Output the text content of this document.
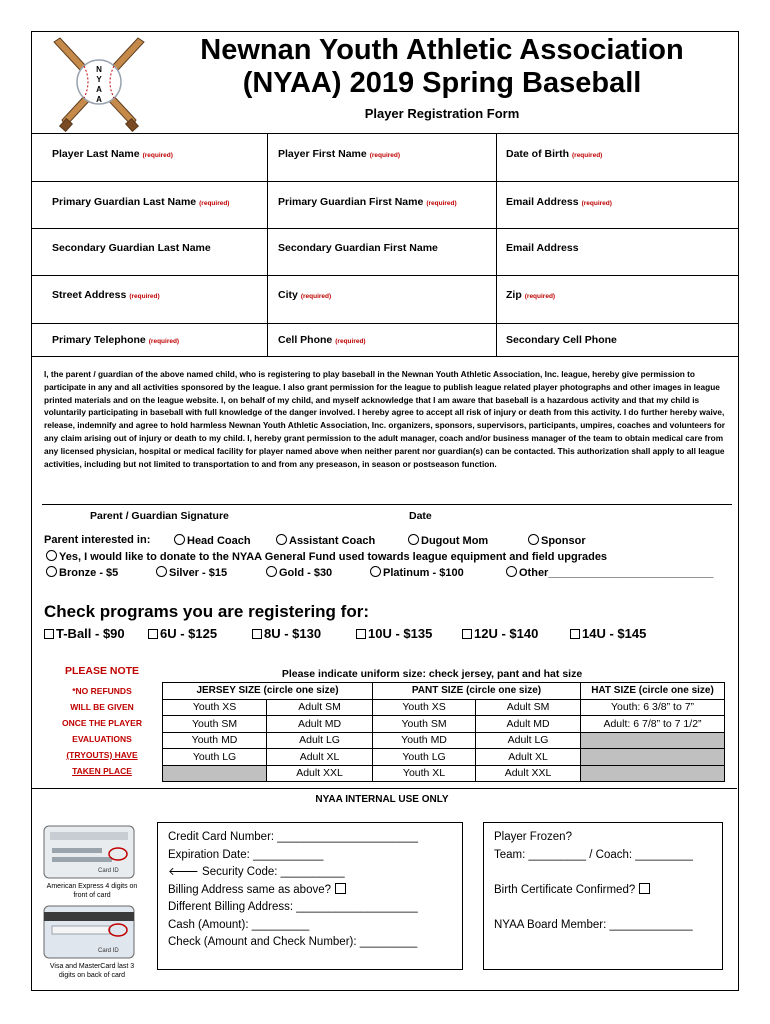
N
Y
A
A
Newnan Youth Athletic Association
(NYAA) 2019 Spring Baseball
Player Registration Form
Player Last Name (required)	Player First Name (required)	Date of Birth (required)
Primary Guardian Last Name (required)	Primary Guardian First Name (required)	Email Address (required)
Secondary Guardian Last Name	Secondary Guardian First Name	Email Address
Street Address (required)	City (required)	Zip (required)
Primary Telephone (required)	Cell Phone (required)	Secondary Cell Phone
I, the parent / guardian of the above named child, who is registering to play baseball in the Newnan Youth Athletic Association, Inc. league, hereby give permission to participate in any and all activities sponsored by the league. I also grant permission for the league to publish league related player photographs and other images in league printed materials and on the league website. I, on behalf of my child, and myself acknowledge that I am aware that baseball is a hazardous activity and that my child is voluntarily participating in baseball with full knowledge of the danger involved. I hereby agree to accept all risk of injury or death from this activity. I do further hereby waive, release, indemnify and agree to hold harmless Newnan Youth Athletic Association, Inc. organizers, sponsors, supervisors, participants, umpires, coaches and volunteers for any claim arising out of injury or death to my child. I, hereby grant permission to the adult manager, coach and/or business manager of the team to obtain medical care from any licensed physician, hospital or medical facility for player named above when neither parent nor guardian(s) can be contacted. This authorization shall apply to all league activities, including but not limited to transportation to and from any preseason, in season or postseason function.
Parent / Guardian Signature	Date
Parent interested in:	Head Coach	Assistant Coach	Dugout Mom	Sponsor
Yes, I would like to donate to the NYAA General Fund used towards league equipment and field upgrades
Bronze - $5	Silver - $15	Gold - $30	Platinum - $100	Other___________________________
Check programs you are registering for:
T-Ball - $90	6U - $125	8U - $130	10U - $135	12U - $140	14U - $145
PLEASE NOTE
*NO REFUNDS
WILL BE GIVEN
ONCE THE PLAYER
EVALUATIONS
(TRYOUTS) HAVE
TAKEN PLACE
Please indicate uniform size: check jersey, pant and hat size
JERSEY SIZE (circle one size)		PANT SIZE (circle one size)		HAT SIZE (circle one size)
Youth XS	Adult SM	Youth XS	Adult SM	Youth: 6 3/8” to 7”
Youth SM	Adult MD	Youth SM	Adult MD	Adult: 6 7/8” to 7 1/2”
Youth MD	Adult LG	Youth MD	Adult LG	
Youth LG	Adult XL	Youth LG	Adult XL	
	Adult XXL	Youth XL	Adult XXL	
NYAA INTERNAL USE ONLY
Card ID
American Express 4 digits on front of card
Card ID
Visa and MasterCard last 3 digits on back of card
Credit Card Number: ______________________
Expiration Date: ___________
🡐 Security Code: __________
Billing Address same as above?
Different Billing Address: ___________________
Cash (Amount): _________
Check (Amount and Check Number): _________
Player Frozen?
Team: _________ / Coach: _________
Birth Certificate Confirmed?
NYAA Board Member: _____________
